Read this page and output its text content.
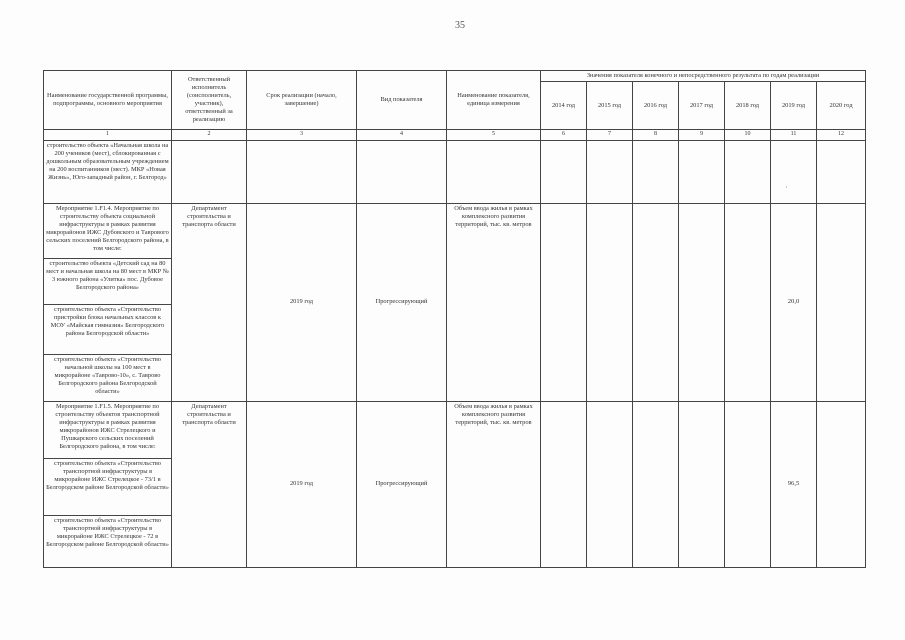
35
·
Наименование государственной программы, подпрограммы, основного мероприятия	Ответственный исполнитель (соисполнитель, участник), ответственный за реализацию	Срок реализации (начало, завершение)	Вид показателя	Наименование показателя, единица измерения	Значения показателя конечного и непосредственного результата по годам реализации						
					2014 год	2015 год	2016 год	2017 год	2018 год	2019 год	2020 год
1	2	3	4	5	6	7	8	9	10	11	12
строительство объекта «Начальная школа на 200 учеников (мест), сблокированная с дошкольным образовательным учреждением на 200 воспитанников (мест). МКР «Новая Жизнь», Юго-западный район, г. Белгород»											
Мероприятие 1.F1.4. Мероприятие по строительству объекта социальной инфраструктуры в рамках развития микрорайонов ИЖС Дубовского и Таврового сельских поселений Белгородского района, в том числе:	Департамент строительства и транспорта области	2019 год	Прогрессирующий	Объем ввода жилья в рамках комплексного развития территорий, тыс. кв. метров						20,0	
строительство объекта «Детский сад на 80 мест и начальная школа на 80 мест в МКР № 3 южного района «Улитка» пос. Дубовое Белгородского района»											
строительство объекта «Строительство пристройки блока начальных классов к МОУ «Майская гимназия» Белгородского района Белгородской области»											
строительство объекта «Строительство начальной школы на 100 мест в микрорайоне «Таврово-10», с. Таврово Белгородского района Белгородской области»											
Мероприятие 1.F1.5. Мероприятие по строительству объектов транспортной инфраструктуры в рамках развития микрорайонов ИЖС Стрелецкого и Пушкарского сельских поселений Белгородского района, в том числе:	Департамент строительства и транспорта области	2019 год	Прогрессирующий	Объем ввода жилья в рамках комплексного развития территорий, тыс. кв. метров						96,5	
строительство объекта «Строительство транспортной инфраструктуры в микрорайоне ИЖС Стрелецкое - 73/1 в Белгородском районе Белгородской области»											
строительство объекта «Строительство транспортной инфраструктуры в микрорайоне ИЖС Стрелецкое - 72 в Белгородском районе Белгородской области»											
